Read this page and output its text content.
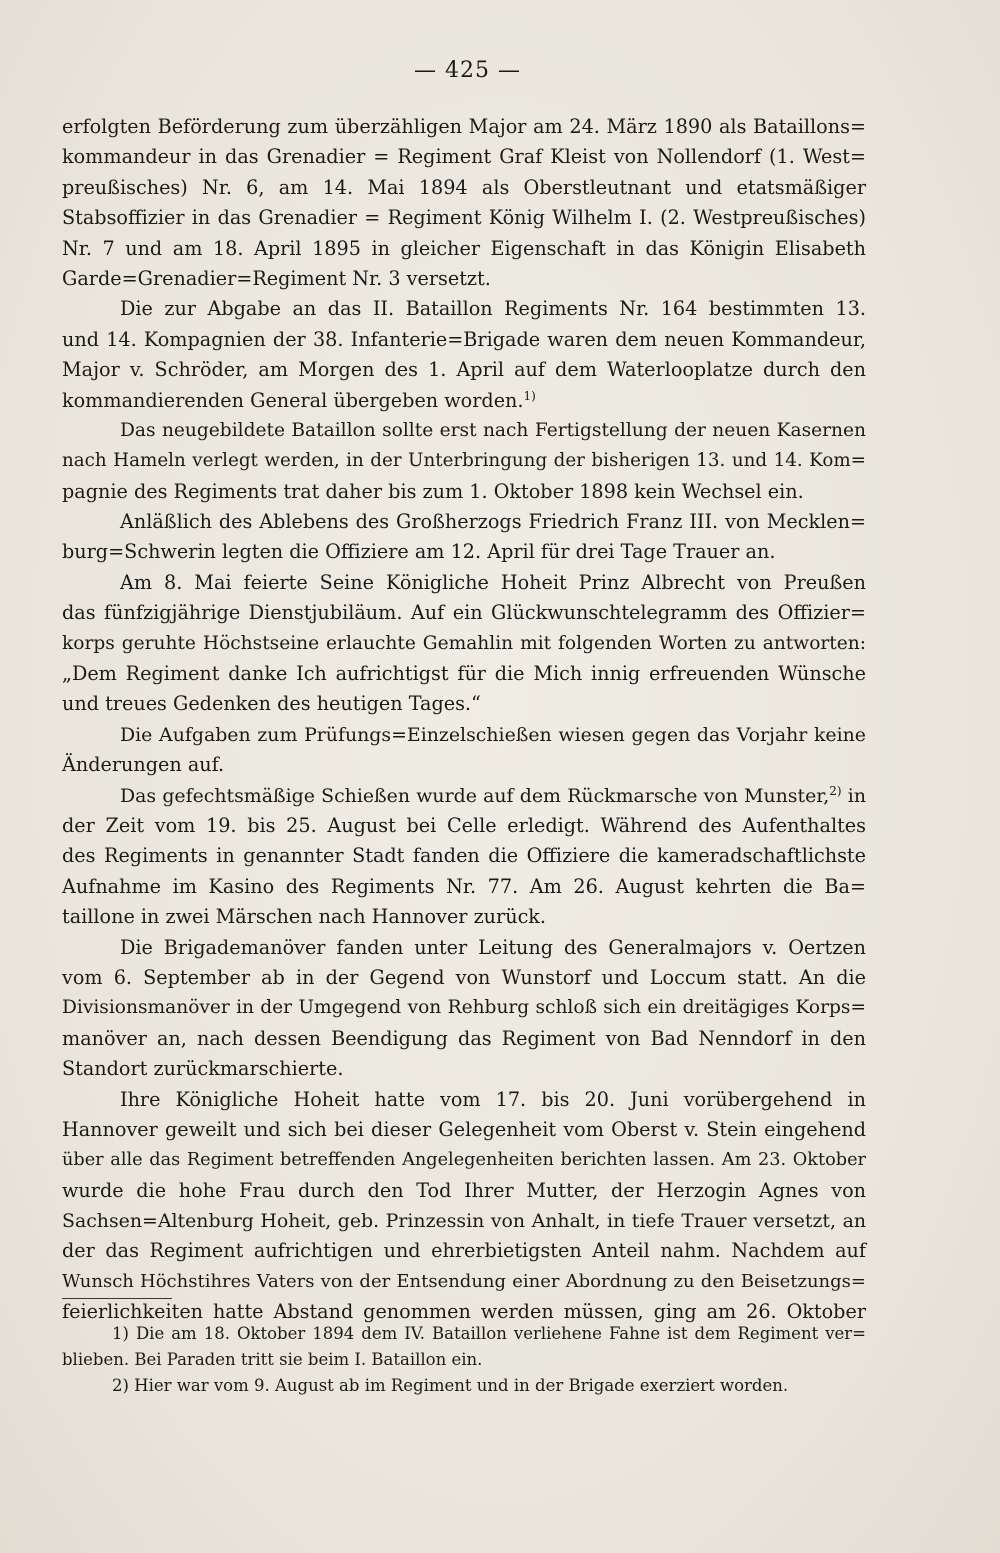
— 425 —
erfolgten Beförderung zum überzähligen Major am 24. März 1890 als Bataillons=
kommandeur in das Grenadier = Regiment Graf Kleist von Nollendorf (1. West=
preußisches) Nr. 6, am 14. Mai 1894 als Oberstleutnant und etatsmäßiger
Stabsoffizier in das Grenadier = Regiment König Wilhelm I. (2. Westpreußisches)
Nr. 7 und am 18. April 1895 in gleicher Eigenschaft in das Königin Elisabeth
Garde=Grenadier=Regiment Nr. 3 versetzt.
Die zur Abgabe an das II. Bataillon Regiments Nr. 164 bestimmten 13.
und 14. Kompagnien der 38. Infanterie=Brigade waren dem neuen Kommandeur,
Major v. Schröder, am Morgen des 1. April auf dem Waterlooplatze durch den
kommandierenden General übergeben worden.$^{1)}$
Das neugebildete Bataillon sollte erst nach Fertigstellung der neuen Kasernen
nach Hameln verlegt werden, in der Unterbringung der bisherigen 13. und 14. Kom=
pagnie des Regiments trat daher bis zum 1. Oktober 1898 kein Wechsel ein.
Anläßlich des Ablebens des Großherzogs Friedrich Franz III. von Mecklen=
burg=Schwerin legten die Offiziere am 12. April für drei Tage Trauer an.
Am 8. Mai feierte Seine Königliche Hoheit Prinz Albrecht von Preußen
das fünfzigjährige Dienstjubiläum. Auf ein Glückwunschtelegramm des Offizier=
korps geruhte Höchstseine erlauchte Gemahlin mit folgenden Worten zu antworten:
„Dem Regiment danke Ich aufrichtigst für die Mich innig erfreuenden Wünsche
und treues Gedenken des heutigen Tages.“
Die Aufgaben zum Prüfungs=Einzelschießen wiesen gegen das Vorjahr keine
Änderungen auf.
Das gefechtsmäßige Schießen wurde auf dem Rückmarsche von Munster,$^{2)}$ in
der Zeit vom 19. bis 25. August bei Celle erledigt. Während des Aufenthaltes
des Regiments in genannter Stadt fanden die Offiziere die kameradschaftlichste
Aufnahme im Kasino des Regiments Nr. 77. Am 26. August kehrten die Ba=
taillone in zwei Märschen nach Hannover zurück.
Die Brigademanöver fanden unter Leitung des Generalmajors v. Oertzen
vom 6. September ab in der Gegend von Wunstorf und Loccum statt. An die
Divisionsmanöver in der Umgegend von Rehburg schloß sich ein dreitägiges Korps=
manöver an, nach dessen Beendigung das Regiment von Bad Nenndorf in den
Standort zurückmarschierte.
Ihre Königliche Hoheit hatte vom 17. bis 20. Juni vorübergehend in
Hannover geweilt und sich bei dieser Gelegenheit vom Oberst v. Stein eingehend
über alle das Regiment betreffenden Angelegenheiten berichten lassen. Am 23. Oktober
wurde die hohe Frau durch den Tod Ihrer Mutter, der Herzogin Agnes von
Sachsen=Altenburg Hoheit, geb. Prinzessin von Anhalt, in tiefe Trauer versetzt, an
der das Regiment aufrichtigen und ehrerbietigsten Anteil nahm. Nachdem auf
Wunsch Höchstihres Vaters von der Entsendung einer Abordnung zu den Beisetzungs=
feierlichkeiten hatte Abstand genommen werden müssen, ging am 26. Oktober
1) Die am 18. Oktober 1894 dem IV. Bataillon verliehene Fahne ist dem Regiment ver=
blieben. Bei Paraden tritt sie beim I. Bataillon ein.
2) Hier war vom 9. August ab im Regiment und in der Brigade exerziert worden.
